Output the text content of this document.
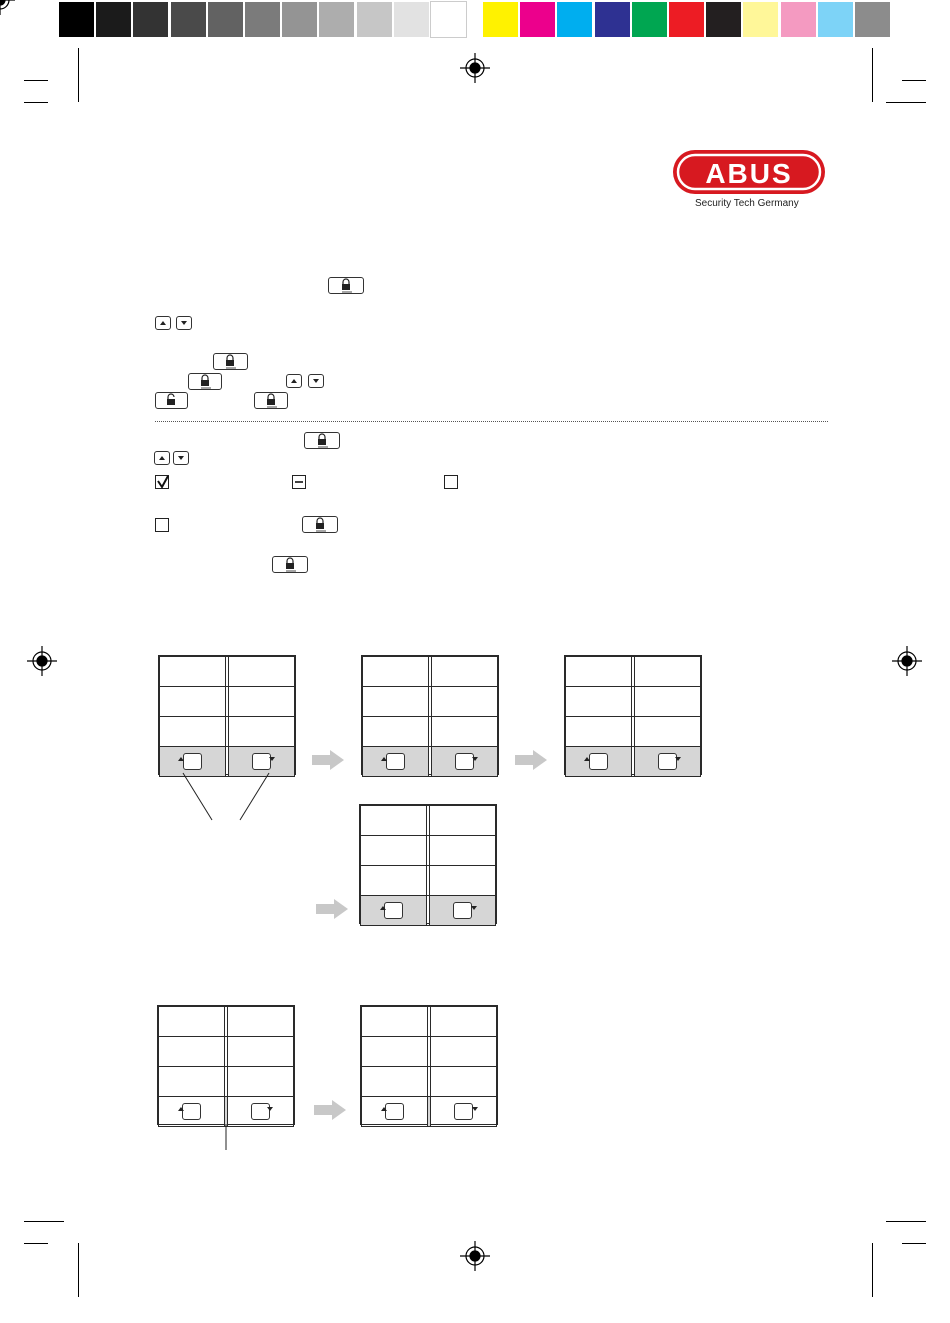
ABUS
Security Tech Germany
